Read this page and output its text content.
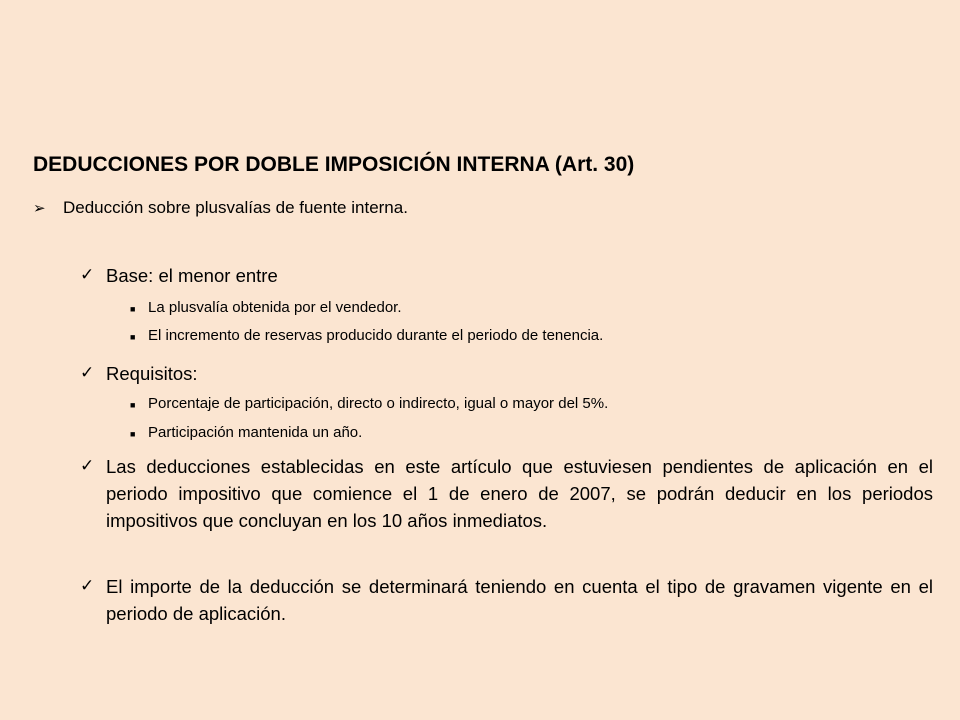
DEDUCCIONES POR DOBLE IMPOSICIÓN INTERNA (Art. 30)
➢	Deducción sobre plusvalías de fuente interna.
✓ Base: el menor entre
■ La plusvalía obtenida por el vendedor.
■ El incremento de reservas producido durante el periodo de tenencia.
✓ Requisitos:
■ Porcentaje de participación, directo o indirecto, igual o mayor del 5%.
■ Participación mantenida un año.
✓ Las deducciones establecidas en este artículo que estuviesen pendientes de aplicación en el periodo impositivo que comience el 1 de enero de 2007, se podrán deducir en los periodos impositivos que concluyan en los 10 años inmediatos.
✓ El importe de la deducción se determinará teniendo en cuenta el tipo de gravamen vigente en el periodo de aplicación.
